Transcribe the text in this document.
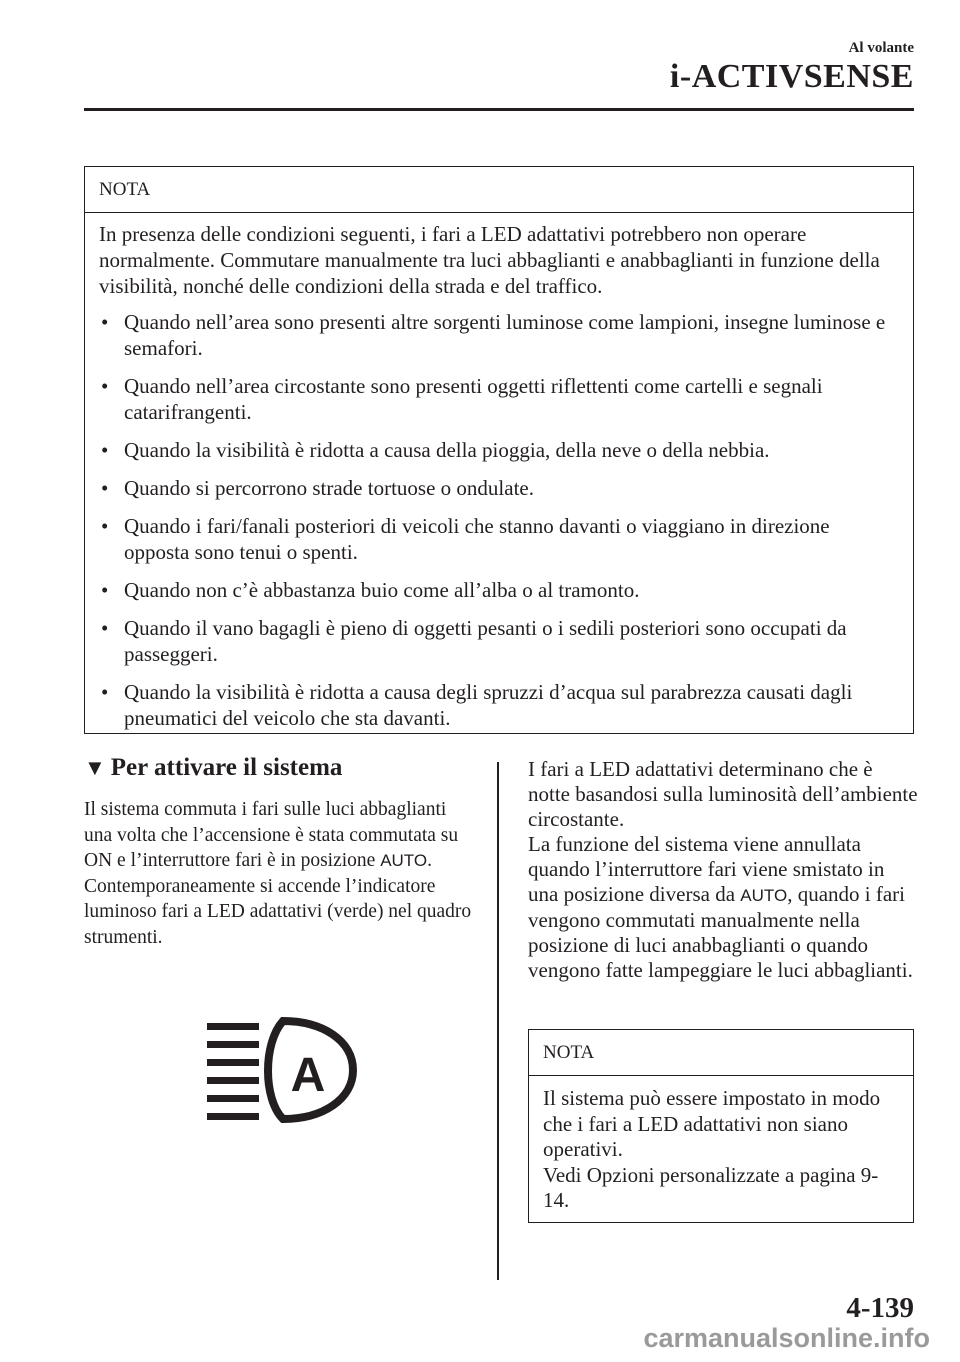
Al volante
i-ACTIVSENSE
NOTA

In presenza delle condizioni seguenti, i fari a LED adattativi potrebbero non operare normalmente. Commutare manualmente tra luci abbaglianti e anabbaglianti in funzione della visibilità, nonché delle condizioni della strada e del traffico.

• Quando nell’area sono presenti altre sorgenti luminose come lampioni, insegne luminose e semafori.
• Quando nell’area circostante sono presenti oggetti riflettenti come cartelli e segnali catarifrangenti.
• Quando la visibilità è ridotta a causa della pioggia, della neve o della nebbia.
• Quando si percorrono strade tortuose o ondulate.
• Quando i fari/fanali posteriori di veicoli che stanno davanti o viaggiano in direzione opposta sono tenui o spenti.
• Quando non c’è abbastanza buio come all’alba o al tramonto.
• Quando il vano bagagli è pieno di oggetti pesanti o i sedili posteriori sono occupati da passeggeri.
• Quando la visibilità è ridotta a causa degli spruzzi d’acqua sul parabrezza causati dagli pneumatici del veicolo che sta davanti.
▼ Per attivare il sistema

Il sistema commuta i fari sulle luci abbaglianti una volta che l’accensione è stata commutata su ON e l’interruttore fari è in posizione AUTO. Contemporaneamente si accende l’indicatore luminoso fari a LED adattativi (verde) nel quadro strumenti.

A

I fari a LED adattativi determinano che è notte basandosi sulla luminosità dell’ambiente circostante.

La funzione del sistema viene annullata quando l’interruttore fari viene smistato in una posizione diversa da AUTO, quando i fari vengono commutati manualmente nella posizione di luci anabbaglianti o quando vengono fatte lampeggiare le luci abbaglianti.

NOTA
Il sistema può essere impostato in modo che i fari a LED adattativi non siano operativi.
Vedi Opzioni personalizzate a pagina 9-14.
4-139
carmanualsonline.info
